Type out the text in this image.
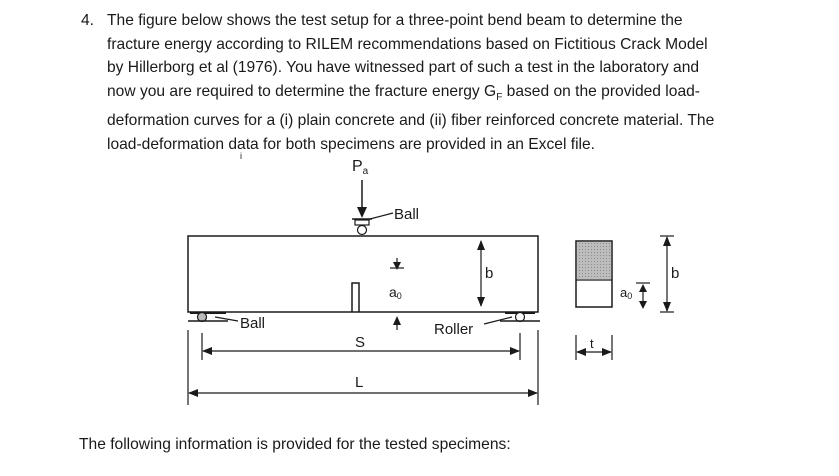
4. The figure below shows the test setup for a three-point bend beam to determine the
fracture energy according to RILEM recommendations based on Fictitious Crack Model
by Hillerborg et al (1976). You have witnessed part of such a test in the laboratory and
now you are required to determine the fracture energy $G_F$ based on the provided load-
deformation curves for a (i) plain concrete and (ii) fiber reinforced concrete material. The
load-deformation data for both specimens are provided in an Excel file.
Pa
i
Ball
a0
b
Ball	Roller
S
L
a0
b
t
The following information is provided for the tested specimens:
